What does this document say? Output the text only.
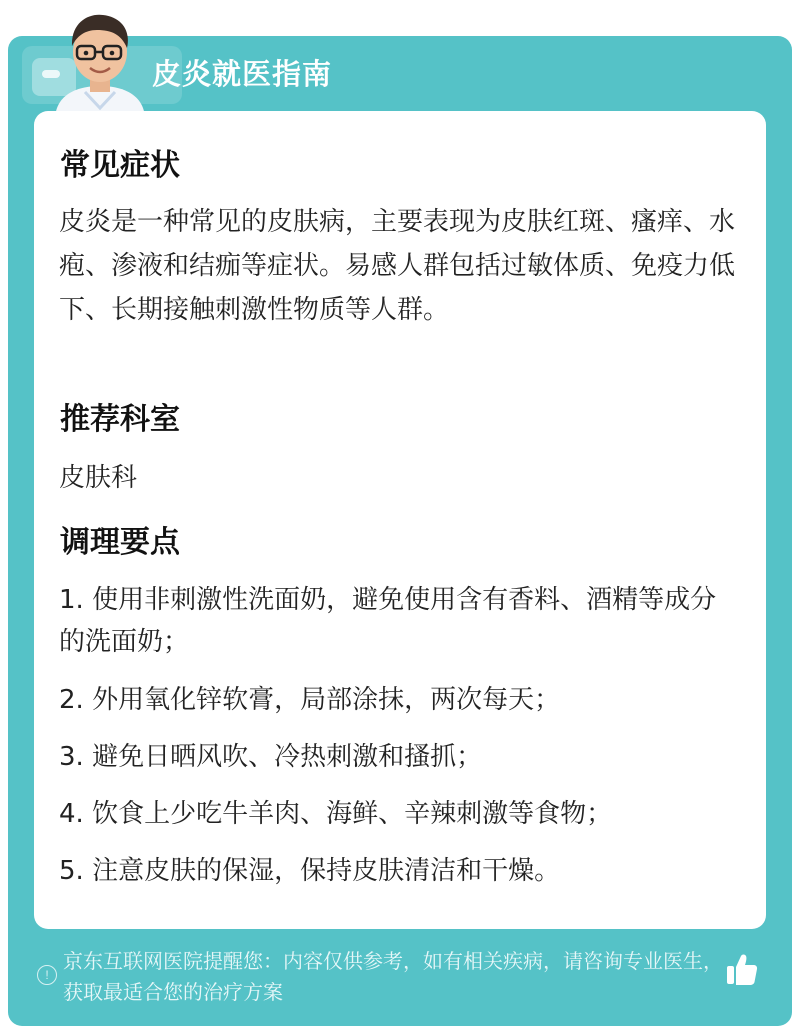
皮炎就医指南
常见症状
皮炎是一种常见的皮肤病，主要表现为皮肤红斑、瘙痒、水疱、渗液和结痂等症状。易感人群包括过敏体质、免疫力低下、长期接触刺激性物质等人群。
推荐科室
皮肤科
调理要点
1. 使用非刺激性洗面奶，避免使用含有香料、酒精等成分的洗面奶；
2. 外用氧化锌软膏，局部涂抹，两次每天；
3. 避免日晒风吹、冷热刺激和搔抓；
4. 饮食上少吃牛羊肉、海鲜、辛辣刺激等食物；
5. 注意皮肤的保湿，保持皮肤清洁和干燥。
!
京东互联网医院提醒您：内容仅供参考，如有相关疾病，请咨询专业医生，获取最适合您的治疗方案
